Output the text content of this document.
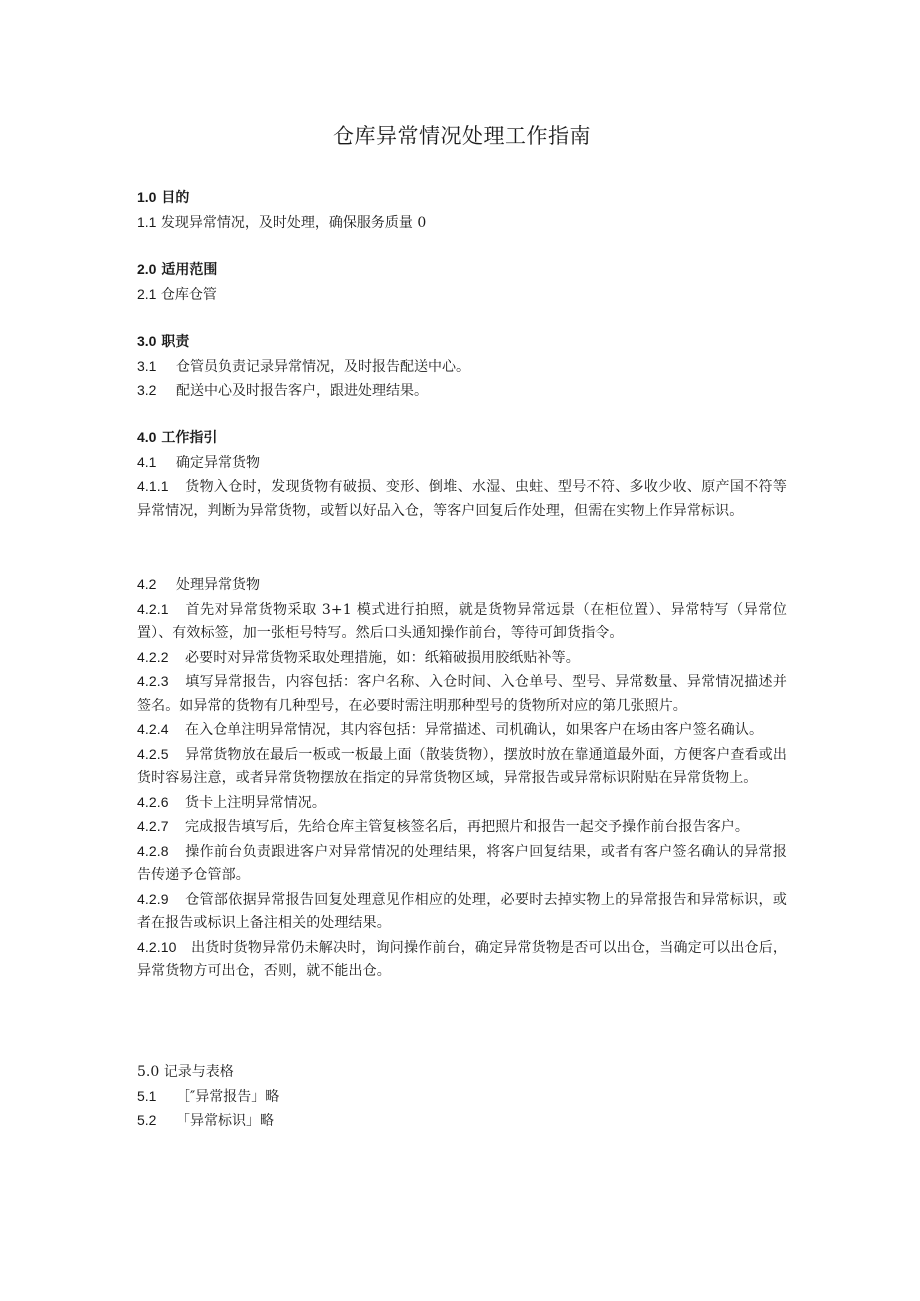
仓库异常情况处理工作指南
1.0 目的
1.1 发现异常情况，及时处理，确保服务质量 0
2.0 适用范围
2.1 仓库仓管
3.0 职责
3.1 仓管员负责记录异常情况，及时报告配送中心。
3.2 配送中心及时报告客户，跟进处理结果。
4.0 工作指引
4.1 确定异常货物
4.1.1 货物入仓时，发现货物有破损、变形、倒堆、水湿、虫蛀、型号不符、多收少收、原产国不符等异常情况，判断为异常货物，或暂以好品入仓，等客户回复后作处理，但需在实物上作异常标识。
4.2 处理异常货物
4.2.1 首先对异常货物采取 3+1 模式进行拍照，就是货物异常远景（在柜位置）、异常特写（异常位置）、有效标签，加一张柜号特写。然后口头通知操作前台，等待可卸货指令。
4.2.2 必要时对异常货物采取处理措施，如：纸箱破损用胶纸贴补等。
4.2.3 填写异常报告，内容包括：客户名称、入仓时间、入仓单号、型号、异常数量、异常情况描述并签名。如异常的货物有几种型号，在必要时需注明那种型号的货物所对应的第几张照片。
4.2.4 在入仓单注明异常情况，其内容包括：异常描述、司机确认，如果客户在场由客户签名确认。
4.2.5 异常货物放在最后一板或一板最上面（散装货物），摆放时放在靠通道最外面，方便客户查看或出货时容易注意，或者异常货物摆放在指定的异常货物区域，异常报告或异常标识附贴在异常货物上。
4.2.6 货卡上注明异常情况。
4.2.7 完成报告填写后，先给仓库主管复核签名后，再把照片和报告一起交予操作前台报告客户。
4.2.8 操作前台负责跟进客户对异常情况的处理结果，将客户回复结果，或者有客户签名确认的异常报告传递予仓管部。
4.2.9 仓管部依据异常报告回复处理意见作相应的处理，必要时去掉实物上的异常报告和异常标识，或者在报告或标识上备注相关的处理结果。
4.2.10 出货时货物异常仍未解决时，询问操作前台，确定异常货物是否可以出仓，当确定可以出仓后，异常货物方可出仓，否则，就不能出仓。
5.0 记录与表格
5.1 ［″异常报告」略
5.2 「异常标识」略
